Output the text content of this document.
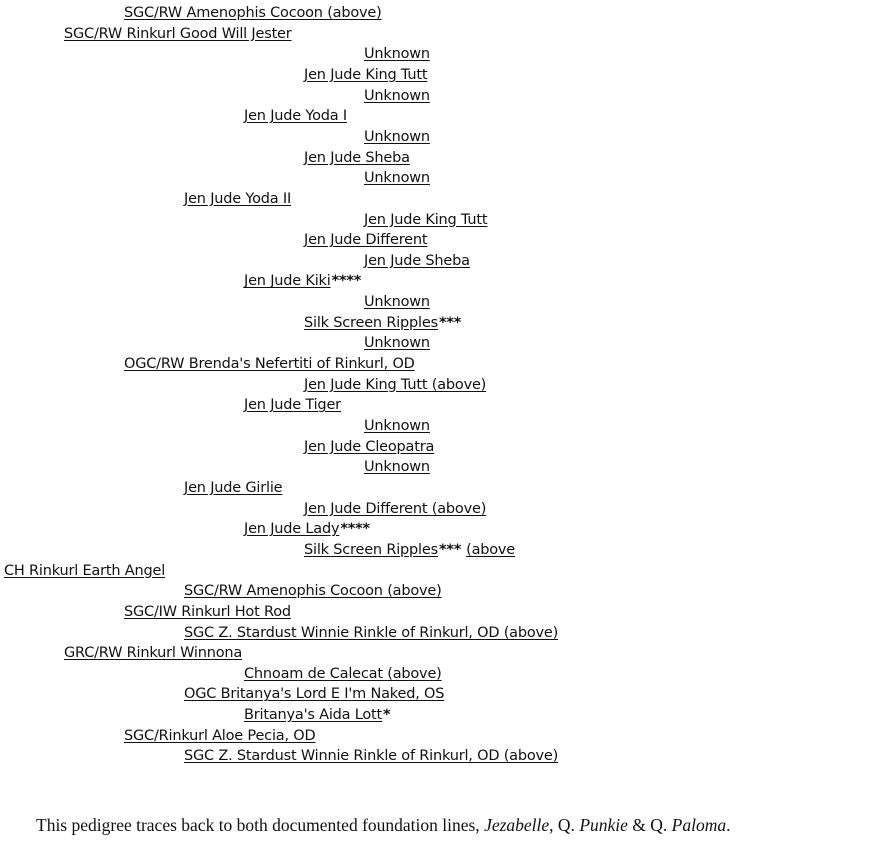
SGC/RW Amenophis Cocoon (above)
SGC/RW Rinkurl Good Will Jester
Unknown
Jen Jude King Tutt
Unknown
Jen Jude Yoda I
Unknown
Jen Jude Sheba
Unknown
Jen Jude Yoda II
Jen Jude King Tutt
Jen Jude Different
Jen Jude Sheba
Jen Jude Kiki****
Unknown
Silk Screen Ripples***
Unknown
OGC/RW Brenda's Nefertiti of Rinkurl, OD
Jen Jude King Tutt (above)
Jen Jude Tiger
Unknown
Jen Jude Cleopatra
Unknown
Jen Jude Girlie
Jen Jude Different (above)
Jen Jude Lady****
Silk Screen Ripples*** (above
CH Rinkurl Earth Angel
SGC/RW Amenophis Cocoon (above)
SGC/IW Rinkurl Hot Rod
SGC Z. Stardust Winnie Rinkle of Rinkurl, OD (above)
GRC/RW Rinkurl Winnona
Chnoam de Calecat (above)
OGC Britanya's Lord E I'm Naked, OS
Britanya's Aida Lott*
SGC/Rinkurl Aloe Pecia, OD
SGC Z. Stardust Winnie Rinkle of Rinkurl, OD (above)
This pedigree traces back to both documented foundation lines, Jezabelle, Q. Punkie & Q. Paloma.
